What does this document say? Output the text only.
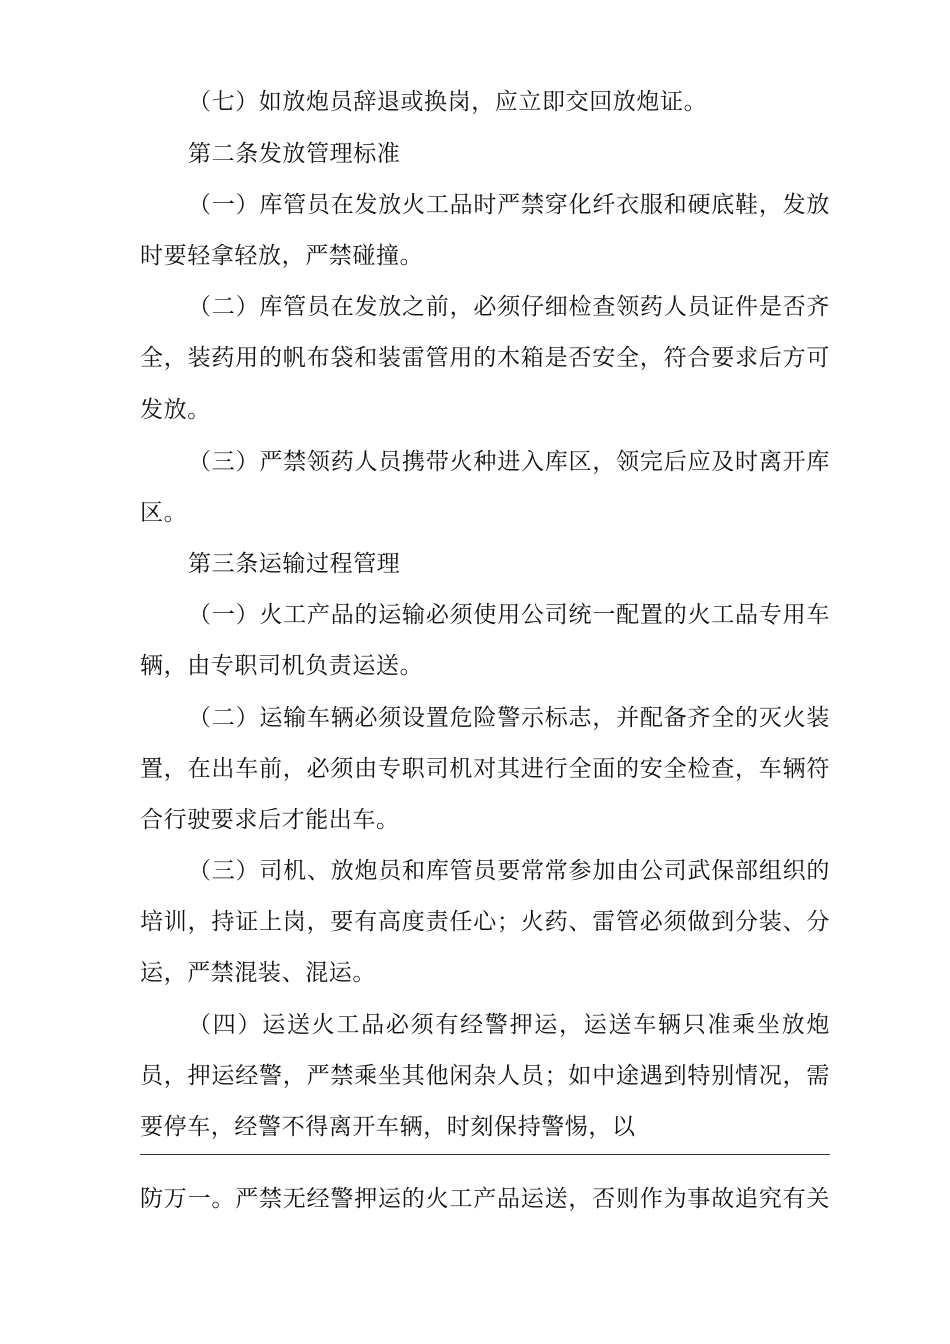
（七）如放炮员辞退或换岗，应立即交回放炮证。
第二条发放管理标准
（一）库管员在发放火工品时严禁穿化纤衣服和硬底鞋，发放
时要轻拿轻放，严禁碰撞。
（二）库管员在发放之前，必须仔细检查领药人员证件是否齐
全，装药用的帆布袋和装雷管用的木箱是否安全，符合要求后方可
发放。
（三）严禁领药人员携带火种进入库区，领完后应及时离开库
区。
第三条运输过程管理
（一）火工产品的运输必须使用公司统一配置的火工品专用车
辆，由专职司机负责运送。
（二）运输车辆必须设置危险警示标志，并配备齐全的灭火装
置，在出车前，必须由专职司机对其进行全面的安全检查，车辆符
合行驶要求后才能出车。
（三）司机、放炮员和库管员要常常参加由公司武保部组织的
培训，持证上岗，要有高度责任心；火药、雷管必须做到分装、分
运，严禁混装、混运。
（四）运送火工品必须有经警押运，运送车辆只准乘坐放炮
员，押运经警，严禁乘坐其他闲杂人员；如中途遇到特别情况，需
要停车，经警不得离开车辆，时刻保持警惕，以
防万一。严禁无经警押运的火工产品运送，否则作为事故追究有关
